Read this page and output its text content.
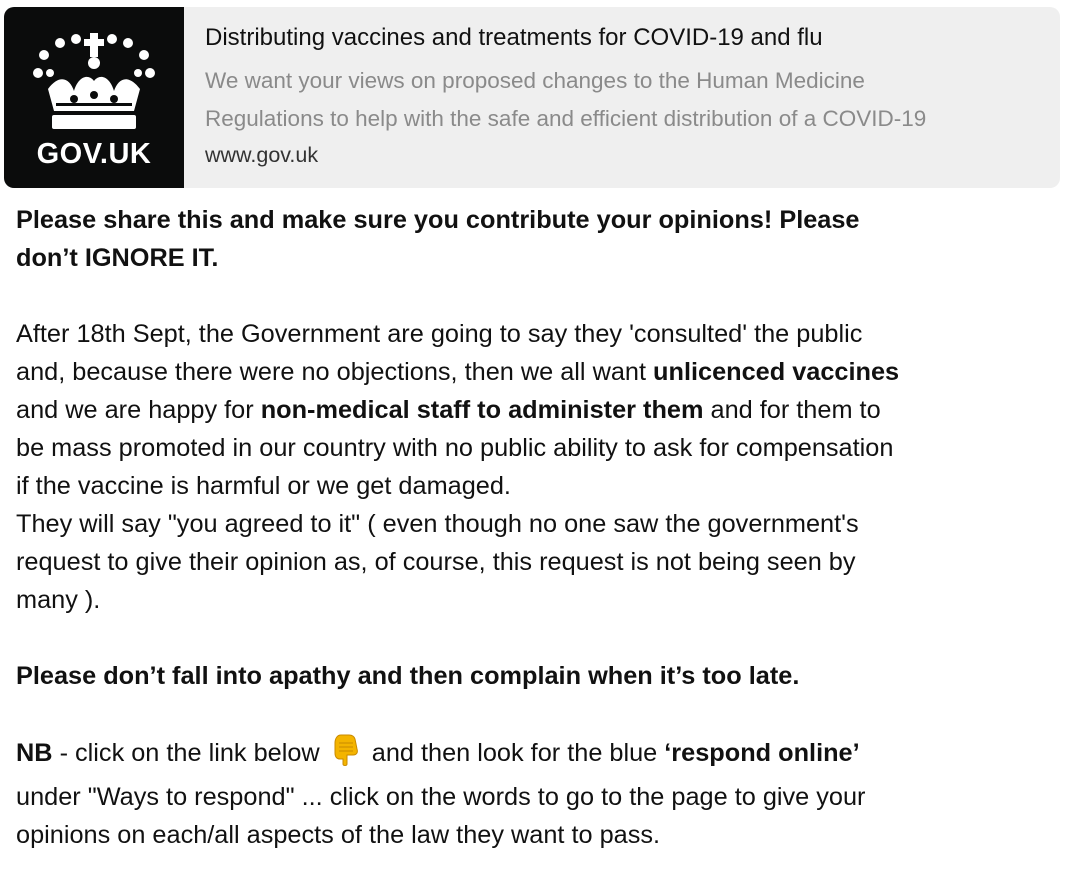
GOV.UK

Distributing vaccines and treatments for COVID-19 and flu

We want your views on proposed changes to the Human Medicine

Regulations to help with the safe and efficient distribution of a COVID-19

www.gov.uk

Please share this and make sure you contribute your opinions! Please

don’t IGNORE IT.

After 18th Sept, the Government are going to say they 'consulted' the public

and, because there were no objections, then we all want unlicenced vaccines

and we are happy for non-medical staff to administer them and for them to

be mass promoted in our country with no public ability to ask for compensation

if the vaccine is harmful or we get damaged.

They will say "you agreed to it" ( even though no one saw the government's

request to give their opinion as, of course, this request is not being seen by

many ).

Please don’t fall into apathy and then complain when it’s too late.

NB - click on the link below  and then look for the blue ‘respond online’

under "Ways to respond" ... click on the words to go to the page to give your

opinions on each/all aspects of the law they want to pass.
